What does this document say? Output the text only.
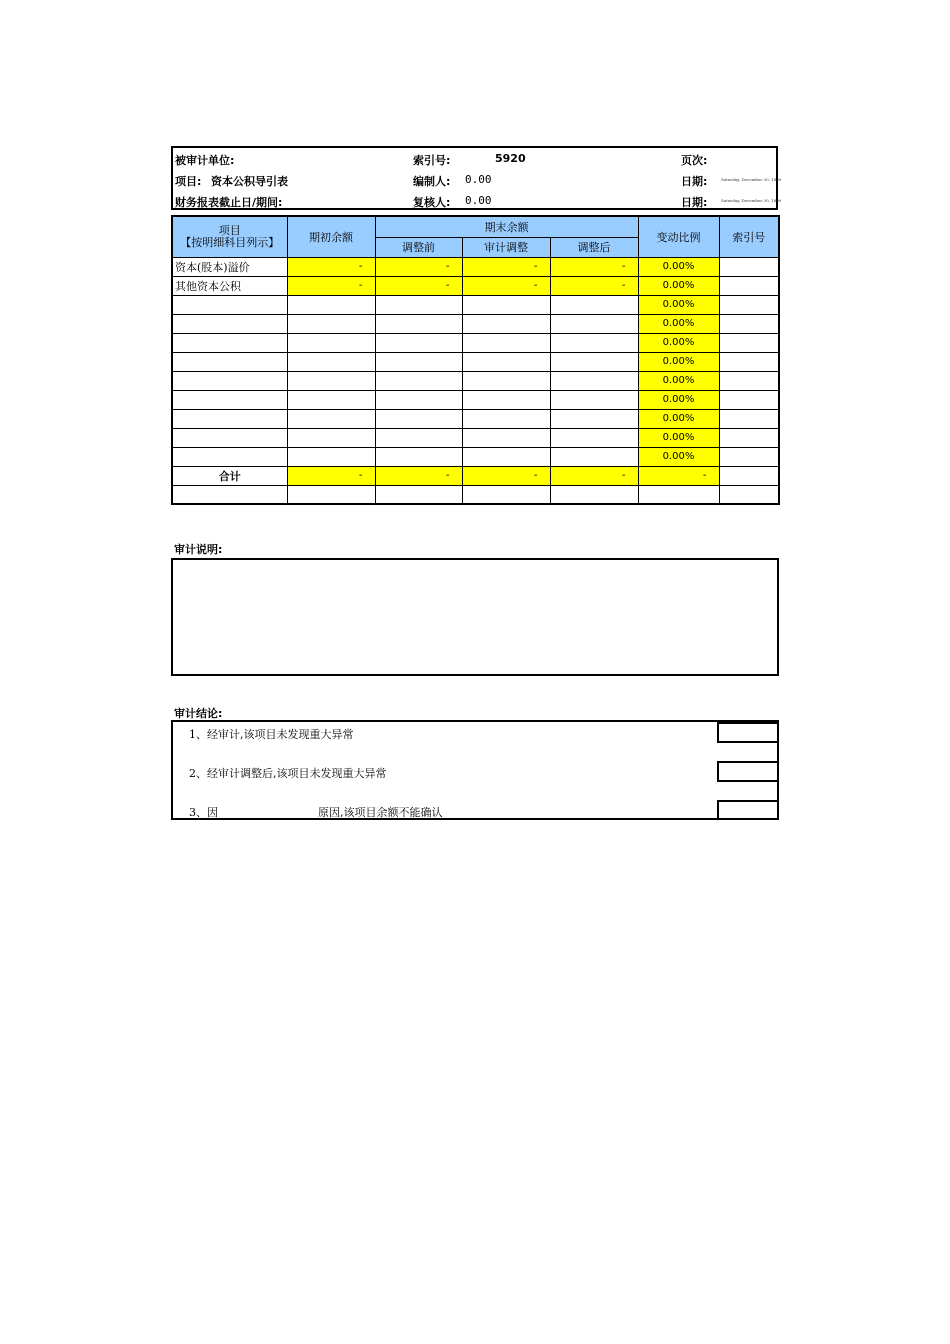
被审计单位:	索引号:	5920	页次:
项目: 资本公积导引表	编制人: 0.00	日期:	Saturday, December 30, 1899
财务报表截止日/期间:	复核人: 0.00	日期:	Saturday, December 30, 1899
项目
【按明细科目列示】	期初余额	期末余额			变动比例	索引号
		调整前	审计调整	调整后		
资本(股本)溢价	-	-	-	-	0.00%	
其他资本公积	-	-	-	-	0.00%	
					0.00%	
					0.00%	
					0.00%	
					0.00%	
					0.00%	
					0.00%	
					0.00%	
					0.00%	
					0.00%	
合计	-	-	-	-	-	

审计说明:
审计结论:
1、经审计,该项目未发现重大异常
2、经审计调整后,该项目未发现重大异常
3、因	原因,该项目余额不能确认
